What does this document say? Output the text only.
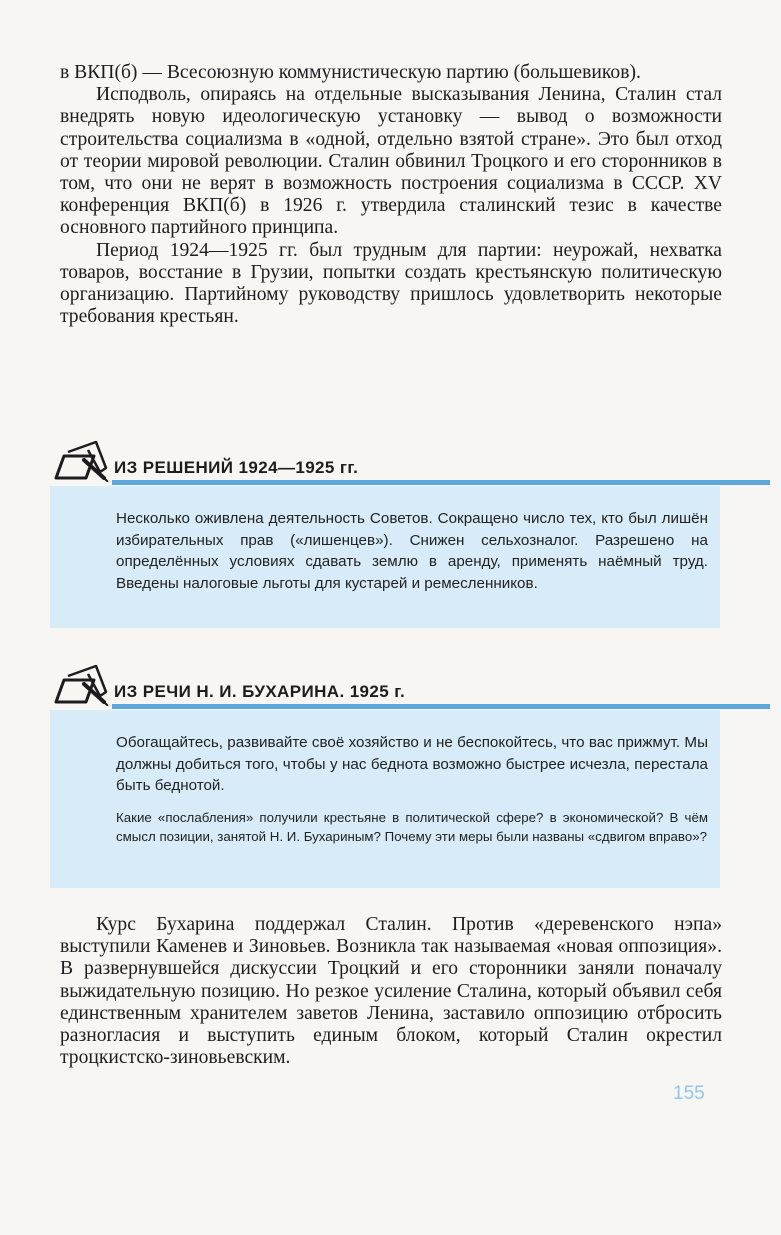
в ВКП(б) — Всесоюзную коммунистическую партию (большевиков).

Исподволь, опираясь на отдельные высказывания Ленина, Сталин стал внедрять новую идеологическую установку — вывод о возможности строительства социализма в «одной, отдельно взятой стране». Это был отход от теории мировой революции. Сталин обвинил Троцкого и его сторонников в том, что они не верят в возможность построения социализма в СССР. XV конференция ВКП(б) в 1926 г. утвердила сталинский тезис в качестве основного партийного принципа.

Период 1924—1925 гг. был трудным для партии: неурожай, нехватка товаров, восстание в Грузии, попытки создать крестьянскую политическую организацию. Партийному руководству пришлось удовлетворить некоторые требования крестьян.

ИЗ РЕШЕНИЙ 1924—1925 гг.

Несколько оживлена деятельность Советов. Сокращено число тех, кто был лишён избирательных прав («лишенцев»). Снижен сельхозналог. Разрешено на определённых условиях сдавать землю в аренду, применять наёмный труд. Введены налоговые льготы для кустарей и ремесленников.

ИЗ РЕЧИ Н. И. БУХАРИНА. 1925 г.

Обогащайтесь, развивайте своё хозяйство и не беспокойтесь, что вас прижмут. Мы должны добиться того, чтобы у нас беднота возможно быстрее исчезла, перестала быть беднотой.

Какие «послабления» получили крестьяне в политической сфере? в экономической? В чём смысл позиции, занятой Н. И. Бухариным? Почему эти меры были названы «сдвигом вправо»?

Курс Бухарина поддержал Сталин. Против «деревенского нэпа» выступили Каменев и Зиновьев. Возникла так называемая «новая оппозиция». В развернувшейся дискуссии Троцкий и его сторонники заняли поначалу выжидательную позицию. Но резкое усиление Сталина, который объявил себя единственным хранителем заветов Ленина, заставило оппозицию отбросить разногласия и выступить единым блоком, который Сталин окрестил троцкистско-зиновьевским.

155
